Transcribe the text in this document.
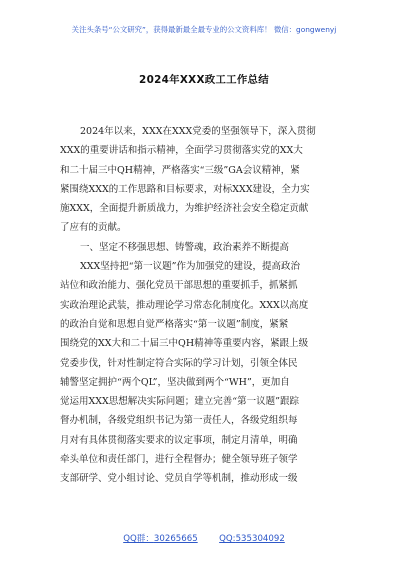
关注头条号“公文研究”，获得最新最全最专业的公文资料库！ 微信：gongwenyj
2024年XXX政工工作总结
2024年以来，XXX在XXX党委的坚强领导下，深入贯彻
XXX的重要讲话和指示精神，全面学习贯彻落实党的XX大
和二十届三中QH精神，严格落实“三级”GA会议精神，紧
紧围绕XXX的工作思路和目标要求，对标XXX建设，全力实
施XXX，全面提升新质战力，为维护经济社会安全稳定贡献
了应有的贡献。
一、坚定不移强思想、铸警魂，政治素养不断提高
XXX坚持把“第一议题”作为加强党的建设，提高政治
站位和政治能力、强化党员干部思想的重要抓手，抓紧抓
实政治理论武装，推动理论学习常态化制度化。XXX以高度
的政治自觉和思想自觉严格落实“第一议题”制度，紧紧
围绕党的XX大和二十届三中QH精神等重要内容，紧跟上级
党委步伐，针对性制定符合实际的学习计划，引领全体民
辅警坚定拥护“两个QL”，坚决做到两个“WH”，更加自
觉运用XXX思想解决实际问题；建立完善“第一议题”跟踪
督办机制，各级党组织书记为第一责任人，各级党组织每
月对有具体贯彻落实要求的议定事项，制定月清单，明确
牵头单位和责任部门，进行全程督办；健全领导班子领学
支部研学、党小组讨论、党员自学等机制，推动形成一级
QQ群：30265665 QQ:535304092
